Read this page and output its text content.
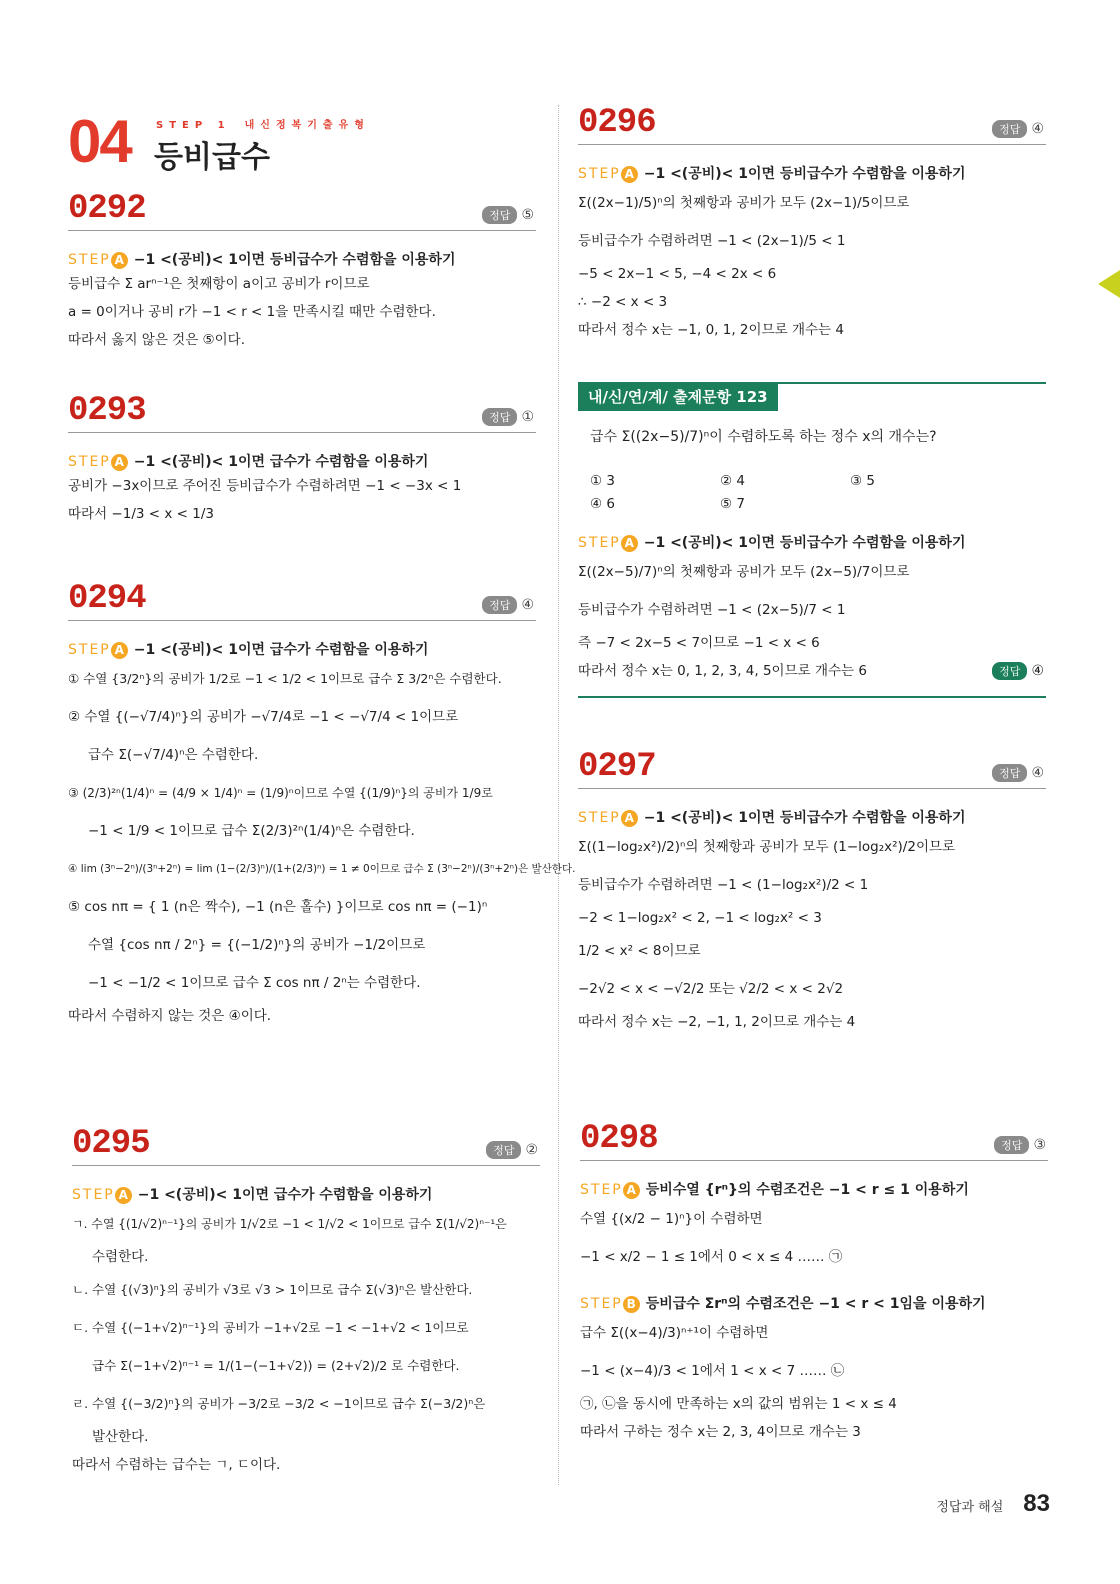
04	STEP 1 내신정복기출유형
등비급수
0292	정답 ⑤
STEP A −1 <(공비)< 1이면 등비급수가 수렴함을 이용하기
등비급수 Σ arⁿ⁻¹은 첫째항이 a이고 공비가 r이므로
a = 0이거나 공비 r가 −1 < r < 1을 만족시킬 때만 수렴한다.
따라서 옳지 않은 것은 ⑤이다.
0293	정답 ①
STEP A −1 <(공비)< 1이면 급수가 수렴함을 이용하기
공비가 −3x이므로 주어진 등비급수가 수렴하려면 −1 < −3x < 1
따라서 −1/3 < x < 1/3
0294	정답 ④
STEP A −1 <(공비)< 1이면 급수가 수렴함을 이용하기
① 수열 {3/2ⁿ}의 공비가 1/2로 −1 < 1/2 < 1이므로 급수 Σ 3/2ⁿ은 수렴한다.
② 수열 {(−√7/4)ⁿ}의 공비가 −√7/4로 −1 < −√7/4 < 1이므로
급수 Σ(−√7/4)ⁿ은 수렴한다.
③ (2/3)²ⁿ(1/4)ⁿ = (4/9 × 1/4)ⁿ = (1/9)ⁿ이므로 수열 {(1/9)ⁿ}의 공비가 1/9로
−1 < 1/9 < 1이므로 급수 Σ(2/3)²ⁿ(1/4)ⁿ은 수렴한다.
④ lim (3ⁿ−2ⁿ)/(3ⁿ+2ⁿ) = lim (1−(2/3)ⁿ)/(1+(2/3)ⁿ) = 1 ≠ 0이므로 급수 Σ (3ⁿ−2ⁿ)/(3ⁿ+2ⁿ)은 발산한다.
⑤ cos nπ = { 1 (n은 짝수), −1 (n은 홀수) }이므로 cos nπ = (−1)ⁿ
수열 {cos nπ / 2ⁿ} = {(−1/2)ⁿ}의 공비가 −1/2이므로
−1 < −1/2 < 1이므로 급수 Σ cos nπ / 2ⁿ는 수렴한다.
따라서 수렴하지 않는 것은 ④이다.
0295	정답 ②
STEP A −1 <(공비)< 1이면 급수가 수렴함을 이용하기
ㄱ. 수열 {(1/√2)ⁿ⁻¹}의 공비가 1/√2로 −1 < 1/√2 < 1이므로 급수 Σ(1/√2)ⁿ⁻¹은
수렴한다.
ㄴ. 수열 {(√3)ⁿ}의 공비가 √3로 √3 > 1이므로 급수 Σ(√3)ⁿ은 발산한다.
ㄷ. 수열 {(−1+√2)ⁿ⁻¹}의 공비가 −1+√2로 −1 < −1+√2 < 1이므로
급수 Σ(−1+√2)ⁿ⁻¹ = 1/(1−(−1+√2)) = (2+√2)/2 로 수렴한다.
ㄹ. 수열 {(−3/2)ⁿ}의 공비가 −3/2로 −3/2 < −1이므로 급수 Σ(−3/2)ⁿ은
발산한다.
따라서 수렴하는 급수는 ㄱ, ㄷ이다.
0296	정답 ④
STEP A −1 <(공비)< 1이면 등비급수가 수렴함을 이용하기
Σ((2x−1)/5)ⁿ의 첫째항과 공비가 모두 (2x−1)/5이므로
등비급수가 수렴하려면 −1 < (2x−1)/5 < 1
−5 < 2x−1 < 5, −4 < 2x < 6
∴ −2 < x < 3
따라서 정수 x는 −1, 0, 1, 2이므로 개수는 4
내/신/연/계/ 출제문항 123
급수 Σ((2x−5)/7)ⁿ이 수렴하도록 하는 정수 x의 개수는?
① 3	② 4	③ 5
④ 6	⑤ 7
STEP A −1 <(공비)< 1이면 등비급수가 수렴함을 이용하기
Σ((2x−5)/7)ⁿ의 첫째항과 공비가 모두 (2x−5)/7이므로
등비급수가 수렴하려면 −1 < (2x−5)/7 < 1
즉 −7 < 2x−5 < 7이므로 −1 < x < 6
따라서 정수 x는 0, 1, 2, 3, 4, 5이므로 개수는 6	정답 ④
0297	정답 ④
STEP A −1 <(공비)< 1이면 등비급수가 수렴함을 이용하기
Σ((1−log₂x²)/2)ⁿ의 첫째항과 공비가 모두 (1−log₂x²)/2이므로
등비급수가 수렴하려면 −1 < (1−log₂x²)/2 < 1
−2 < 1−log₂x² < 2, −1 < log₂x² < 3
1/2 < x² < 8이므로
−2√2 < x < −√2/2 또는 √2/2 < x < 2√2
따라서 정수 x는 −2, −1, 1, 2이므로 개수는 4
0298	정답 ③
STEP A 등비수열 {rⁿ}의 수렴조건은 −1 < r ≤ 1 이용하기
수열 {(x/2 − 1)ⁿ}이 수렴하면
−1 < x/2 − 1 ≤ 1에서 0 < x ≤ 4 …… ㉠
STEP B 등비급수 Σrⁿ의 수렴조건은 −1 < r < 1임을 이용하기
급수 Σ((x−4)/3)ⁿ⁺¹이 수렴하면
−1 < (x−4)/3 < 1에서 1 < x < 7 …… ㉡
㉠, ㉡을 동시에 만족하는 x의 값의 범위는 1 < x ≤ 4
따라서 구하는 정수 x는 2, 3, 4이므로 개수는 3
정답과 해설 83
